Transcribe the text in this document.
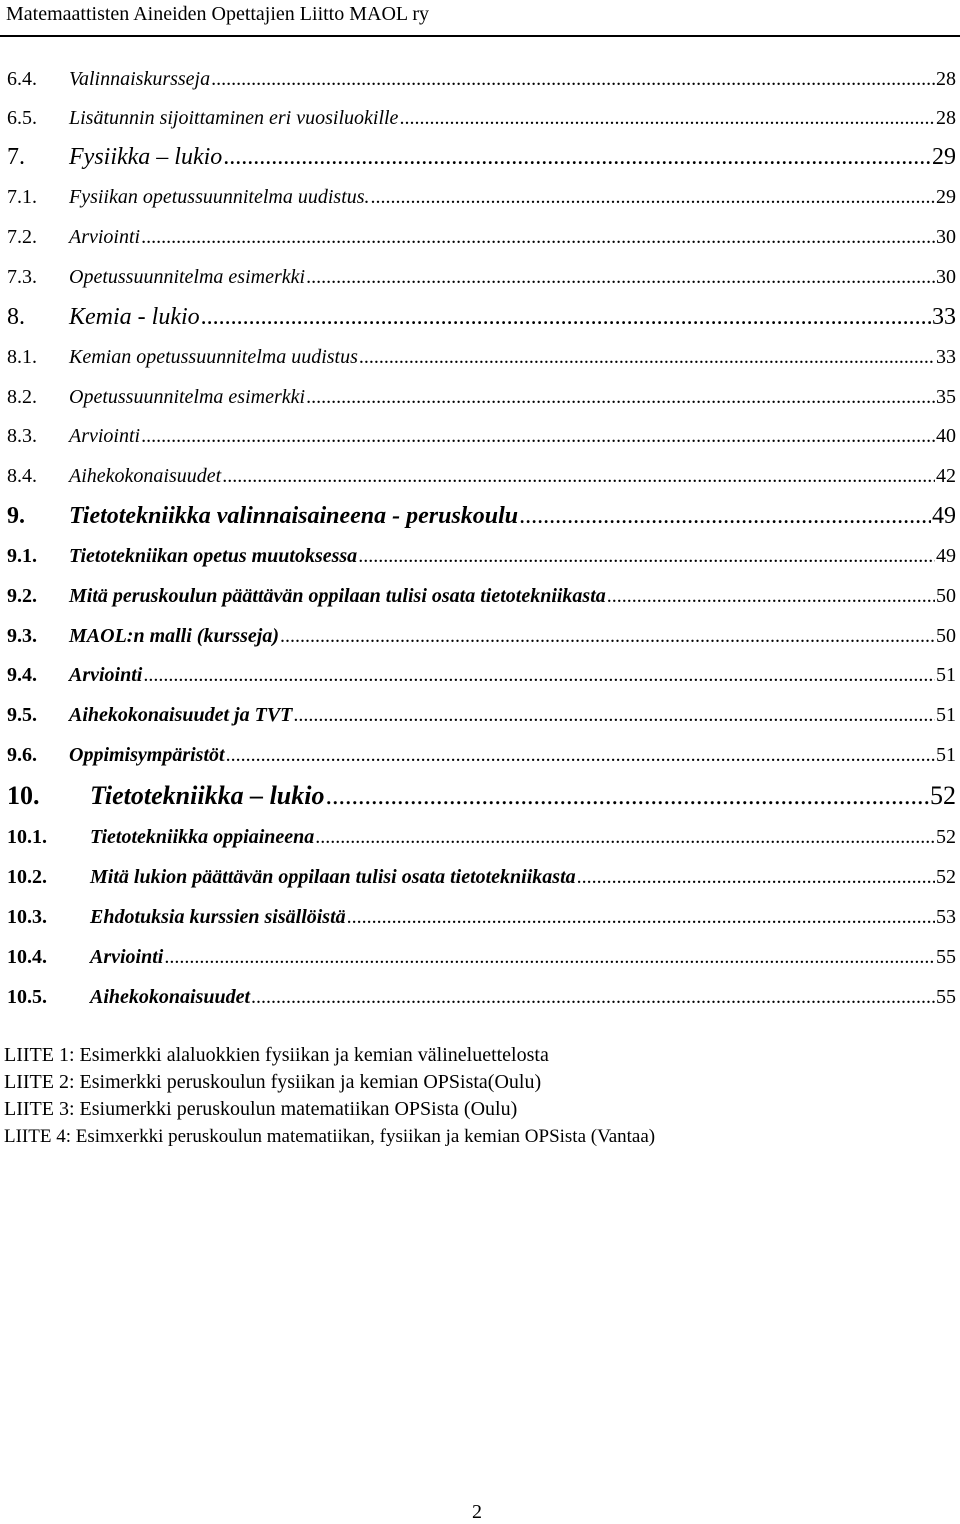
Matemaattisten Aineiden Opettajien Liitto MAOL ry
6.4.	Valinnaiskursseja .....	28
6.5.	Lisätunnin sijoittaminen eri vuosiluokille .....	28
7.	Fysiikka – lukio .....	29
7.1.	Fysiikan opetussuunnitelma uudistus. .....	29
7.2.	Arviointi .....	30
7.3.	Opetussuunnitelma esimerkki .....	30
8.	Kemia - lukio .....	33
8.1.	Kemian opetussuunnitelma uudistus .....	33
8.2.	Opetussuunnitelma esimerkki .....	35
8.3.	Arviointi .....	40
8.4.	Aihekokonaisuudet .....	42
9.	Tietotekniikka valinnaisaineena - peruskoulu .....	49
9.1.	Tietotekniikan opetus muutoksessa .....	49
9.2.	Mitä peruskoulun päättävän oppilaan tulisi osata tietotekniikasta .....	50
9.3.	MAOL:n malli (kursseja) .....	50
9.4.	Arviointi .....	51
9.5.	Aihekokonaisuudet ja TVT .....	51
9.6.	Oppimisympäristöt .....	51
10.	Tietotekniikka – lukio .....	52
10.1.	Tietotekniikka oppiaineena .....	52
10.2.	Mitä lukion päättävän oppilaan tulisi osata tietotekniikasta .....	52
10.3.	Ehdotuksia kurssien sisällöistä .....	53
10.4.	Arviointi .....	55
10.5.	Aihekokonaisuudet .....	55
LIITE 1: Esimerkki alaluokkien fysiikan ja kemian välineluettelosta
LIITE 2: Esimerkki peruskoulun fysiikan ja kemian OPSista(Oulu)
LIITE 3: Esiumerkki peruskoulun matematiikan OPSista (Oulu)
LIITE 4: Esimxerkki peruskoulun matematiikan, fysiikan ja kemian OPSista (Vantaa)
2
